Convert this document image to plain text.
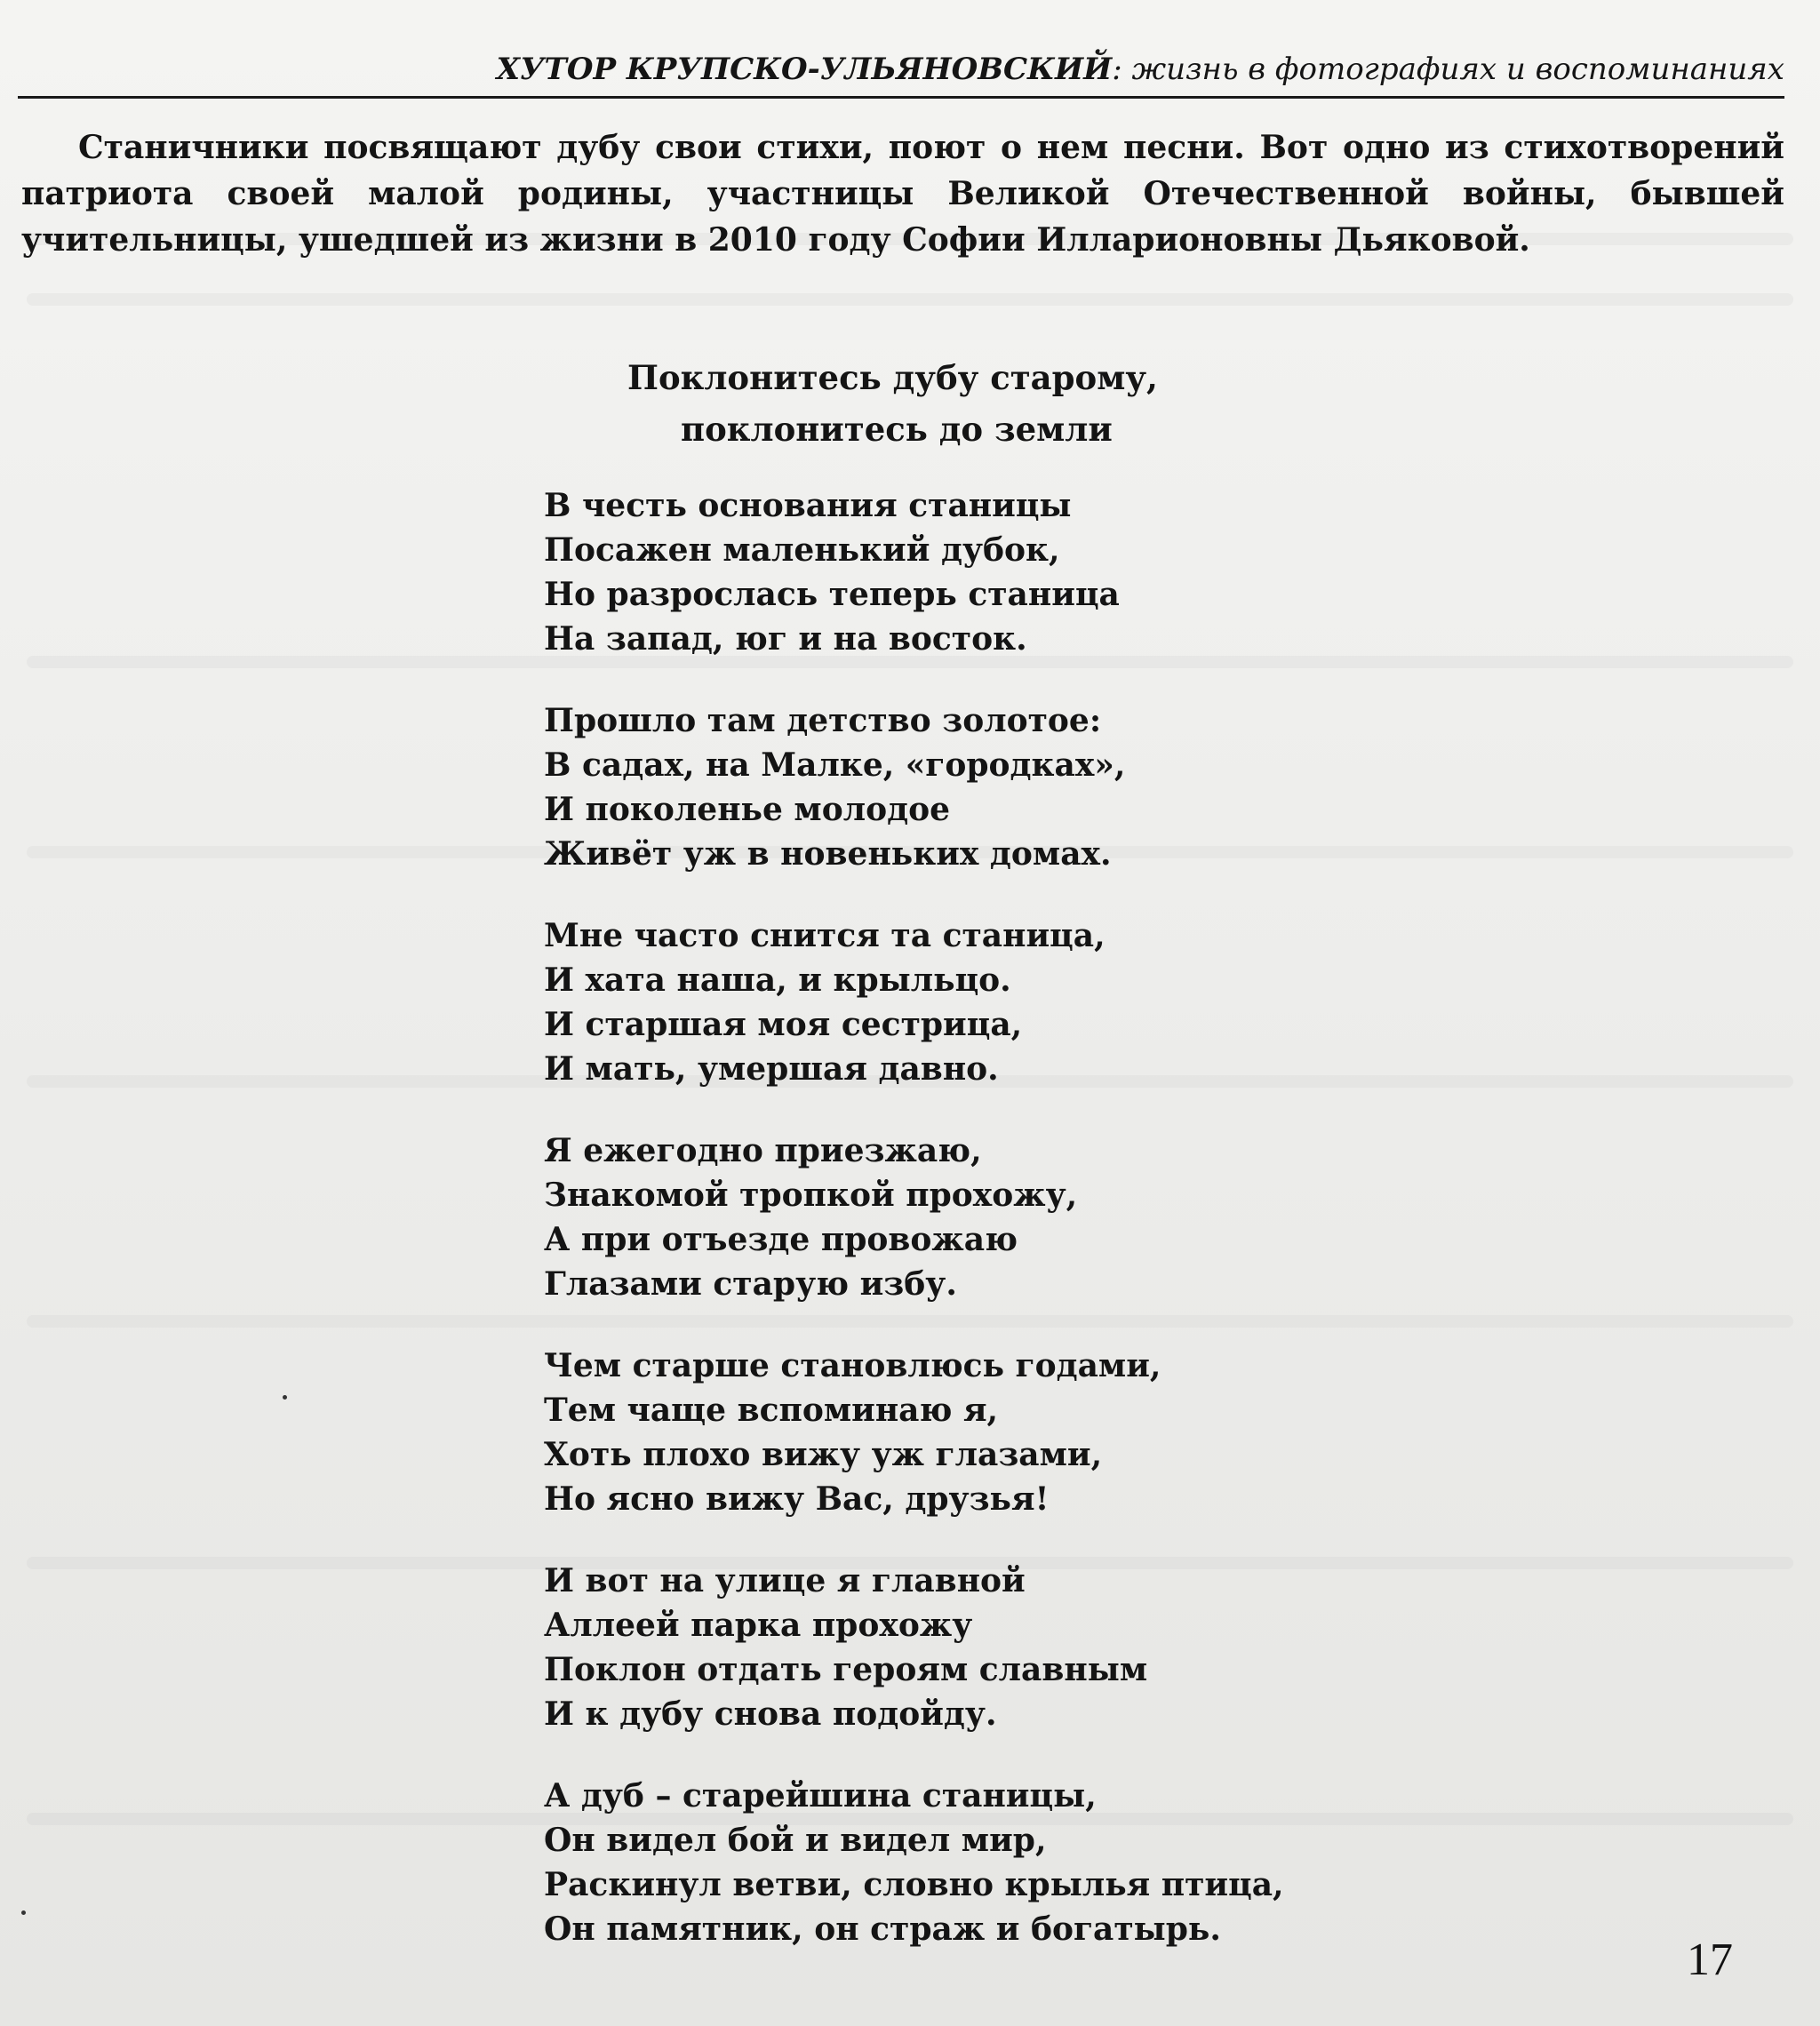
ХУТОР КРУПСКО-УЛЬЯНОВСКИЙ: жизнь в фотографиях и воспоминаниях

Станичники посвящают дубу свои стихи, поют о нем песни. Вот одно из стихотворений патриота своей малой родины, участницы Великой Отечественной войны, бывшей учительницы, ушедшей из жизни в 2010 году Софии Илларионовны Дьяковой.

Поклонитесь дубу старому,
поклонитесь до земли
В честь основания станицы
Посажен маленький дубок,
Но разрослась теперь станица
На запад, юг и на восток.
Прошло там детство золотое:
В садах, на Малке, «городках»,
И поколенье молодое
Живёт уж в новеньких домах.
Мне часто снится та станица,
И хата наша, и крыльцо.
И старшая моя сестрица,
И мать, умершая давно.
Я ежегодно приезжаю,
Знакомой тропкой прохожу,
А при отъезде провожаю
Глазами старую избу.
Чем старше становлюсь годами,
Тем чаще вспоминаю я,
Хоть плохо вижу уж глазами,
Но ясно вижу Вас, друзья!
И вот на улице я главной
Аллеей парка прохожу
Поклон отдать героям славным
И к дубу снова подойду.
А дуб – старейшина станицы,
Он видел бой и видел мир,
Раскинул ветви, словно крылья птица,
Он памятник, он страж и богатырь.
17
